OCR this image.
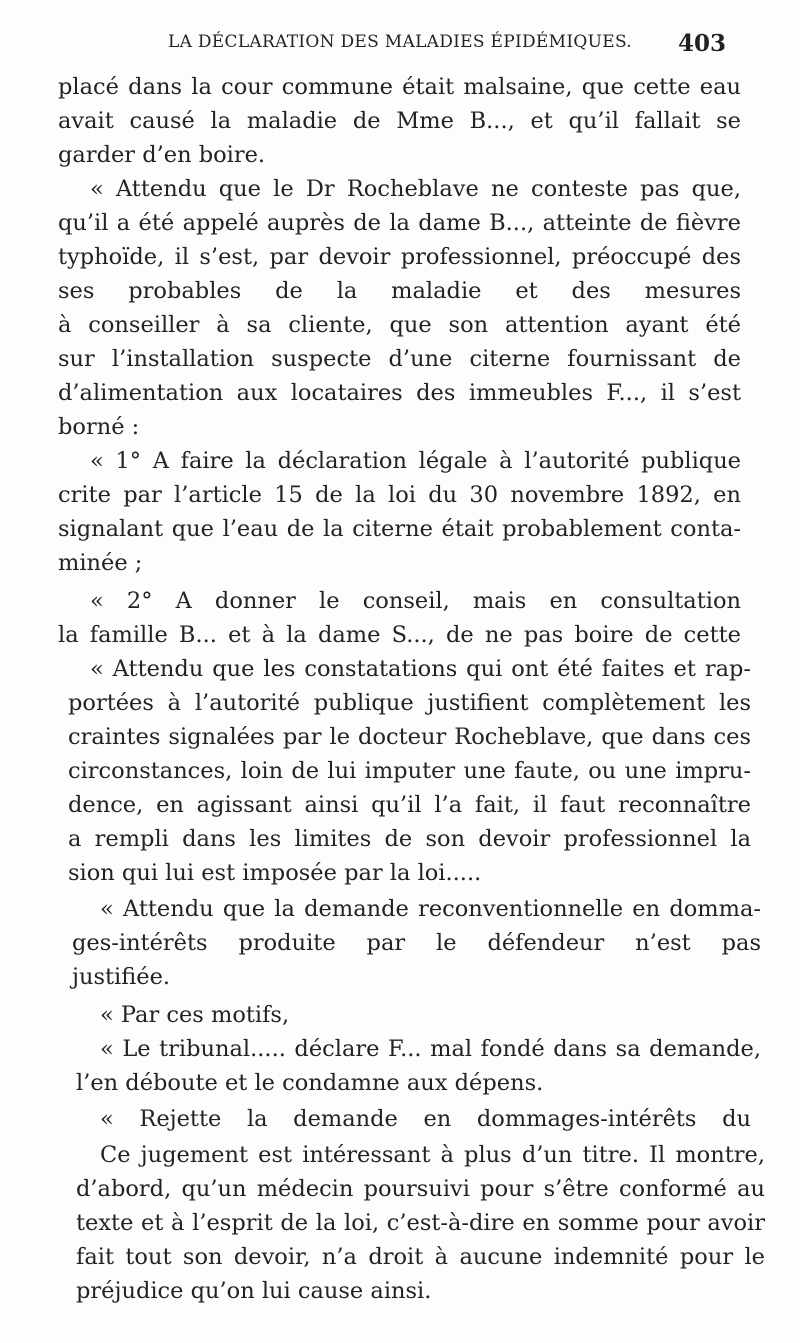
LA DÉCLARATION DES MALADIES ÉPIDÉMIQUES. 403
placé dans la cour commune était malsaine, que cette eau
avait causé la maladie de Mme B..., et qu’il fallait se
garder d’en boire.
« Attendu que le Dr Rocheblave ne conteste pas que,
qu’il a été appelé auprès de la dame B..., atteinte de fièvre
typhoïde, il s’est, par devoir professionnel, préoccupé des
ses probables de la maladie et des mesures
à conseiller à sa cliente, que son attention ayant été
sur l’installation suspecte d’une citerne fournissant de
d’alimentation aux locataires des immeubles F..., il s’est
borné :
« 1° A faire la déclaration légale à l’autorité publique
crite par l’article 15 de la loi du 30 novembre 1892, en
signalant que l’eau de la citerne était probablement conta-
minée ;
« 2° A donner le conseil, mais en consultation
la famille B... et à la dame S..., de ne pas boire de cette
« Attendu que les constatations qui ont été faites et rap-
portées à l’autorité publique justifient complètement les
craintes signalées par le docteur Rocheblave, que dans ces
circonstances, loin de lui imputer une faute, ou une impru-
dence, en agissant ainsi qu’il l’a fait, il faut reconnaître
a rempli dans les limites de son devoir professionnel la
sion qui lui est imposée par la loi.....
« Attendu que la demande reconventionnelle en domma-
ges-intérêts produite par le défendeur n’est pas
justifiée.
« Par ces motifs,
« Le tribunal..... déclare F... mal fondé dans sa demande,
l’en déboute et le condamne aux dépens.
« Rejette la demande en dommages-intérêts du
Ce jugement est intéressant à plus d’un titre. Il montre,
d’abord, qu’un médecin poursuivi pour s’être conformé au
texte et à l’esprit de la loi, c’est-à-dire en somme pour avoir
fait tout son devoir, n’a droit à aucune indemnité pour le
préjudice qu’on lui cause ainsi.
